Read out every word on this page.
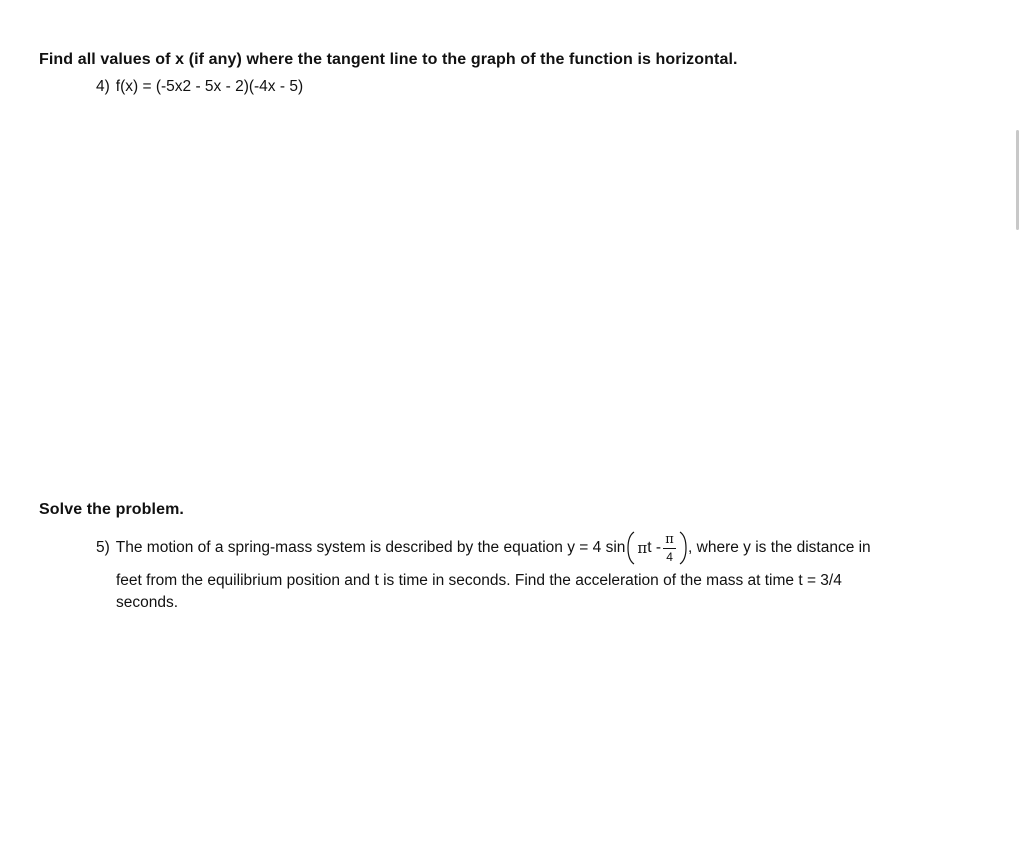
Find all values of x (if any) where the tangent line to the graph of the function is horizontal.
4) f(x) = (-5x2 - 5x - 2)(-4x - 5)
Solve the problem.
5) The motion of a spring-mass system is described by the equation y = 4 sin π t - $\frac{\pi}{4}$ , where y is the distance in
feet from the equilibrium position and t is time in seconds. Find the acceleration of the mass at time t = 3/4
seconds.
